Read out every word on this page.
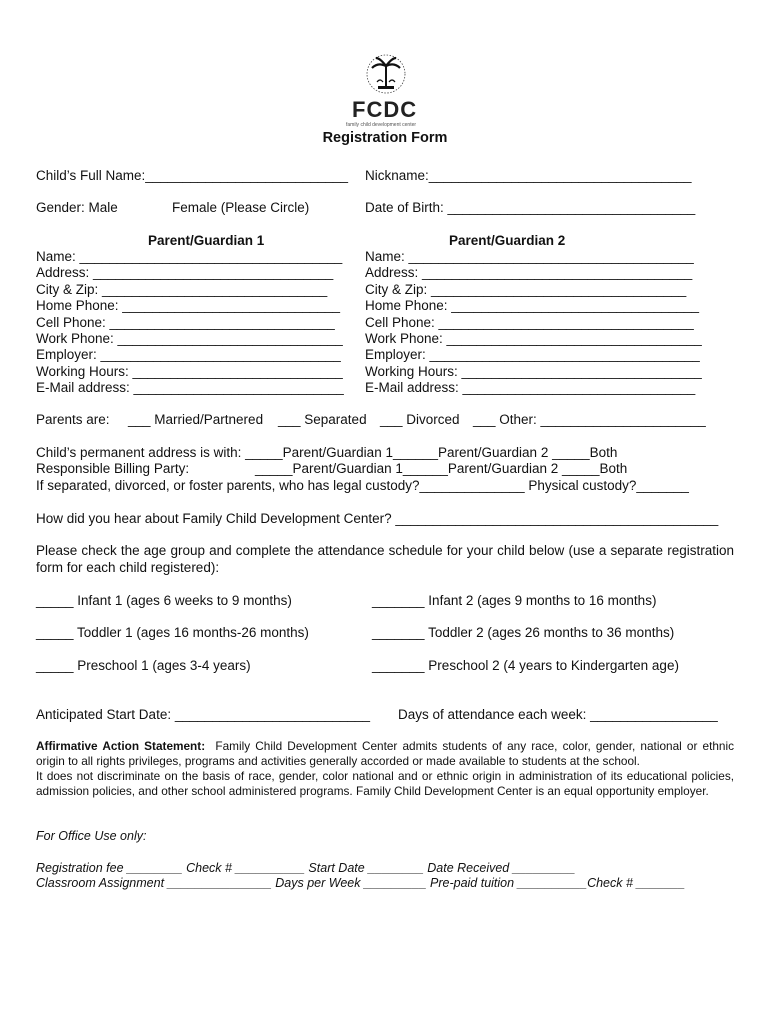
FCDC
family child development center
Registration Form
Child’s Full Name:___________________________ Nickname:___________________________________
Gender: Male	Female (Please Circle)	Date of Birth: _________________________________
Parent/Guardian 1
Name: ___________________________________
Address: ________________________________
City & Zip: ______________________________
Home Phone: _____________________________
Cell Phone: ______________________________
Work Phone: ______________________________
Employer: ________________________________
Working Hours: ____________________________
E-Mail address: ____________________________
Parent/Guardian 2
Name: ______________________________________
Address: ____________________________________
City & Zip: __________________________________
Home Phone: _________________________________
Cell Phone: __________________________________
Work Phone: __________________________________
Employer: ____________________________________
Working Hours: ________________________________
E-Mail address: _______________________________
Parents are: ___ Married/Partnered ___ Separated ___ Divorced ___ Other: ______________________
Child’s permanent address is with: _____Parent/Guardian 1______Parent/Guardian 2 _____Both
Responsible Billing Party:	_____Parent/Guardian 1______Parent/Guardian 2 _____Both
If separated, divorced, or foster parents, who has legal custody?______________ Physical custody?_______
How did you hear about Family Child Development Center? ___________________________________________
Please check the age group and complete the attendance schedule for your child below (use a separate registration form for each child registered):
_____ Infant 1 (ages 6 weeks to 9 months)	_______ Infant 2 (ages 9 months to 16 months)
_____ Toddler 1 (ages 16 months-26 months)	_______ Toddler 2 (ages 26 months to 36 months)
_____ Preschool 1 (ages 3-4 years)	_______ Preschool 2 (4 years to Kindergarten age)
Anticipated Start Date: __________________________ Days of attendance each week: _________________
Affirmative Action Statement: Family Child Development Center admits students of any race, color, gender, national or ethnic origin to all rights privileges, programs and activities generally accorded or made available to students at the school.
It does not discriminate on the basis of race, gender, color national and or ethnic origin in administration of its educational policies, admission policies, and other school administered programs. Family Child Development Center is an equal opportunity employer.
For Office Use only:
Registration fee ________ Check # __________ Start Date ________ Date Received _________
Classroom Assignment _______________ Days per Week _________ Pre-paid tuition __________Check # _______
